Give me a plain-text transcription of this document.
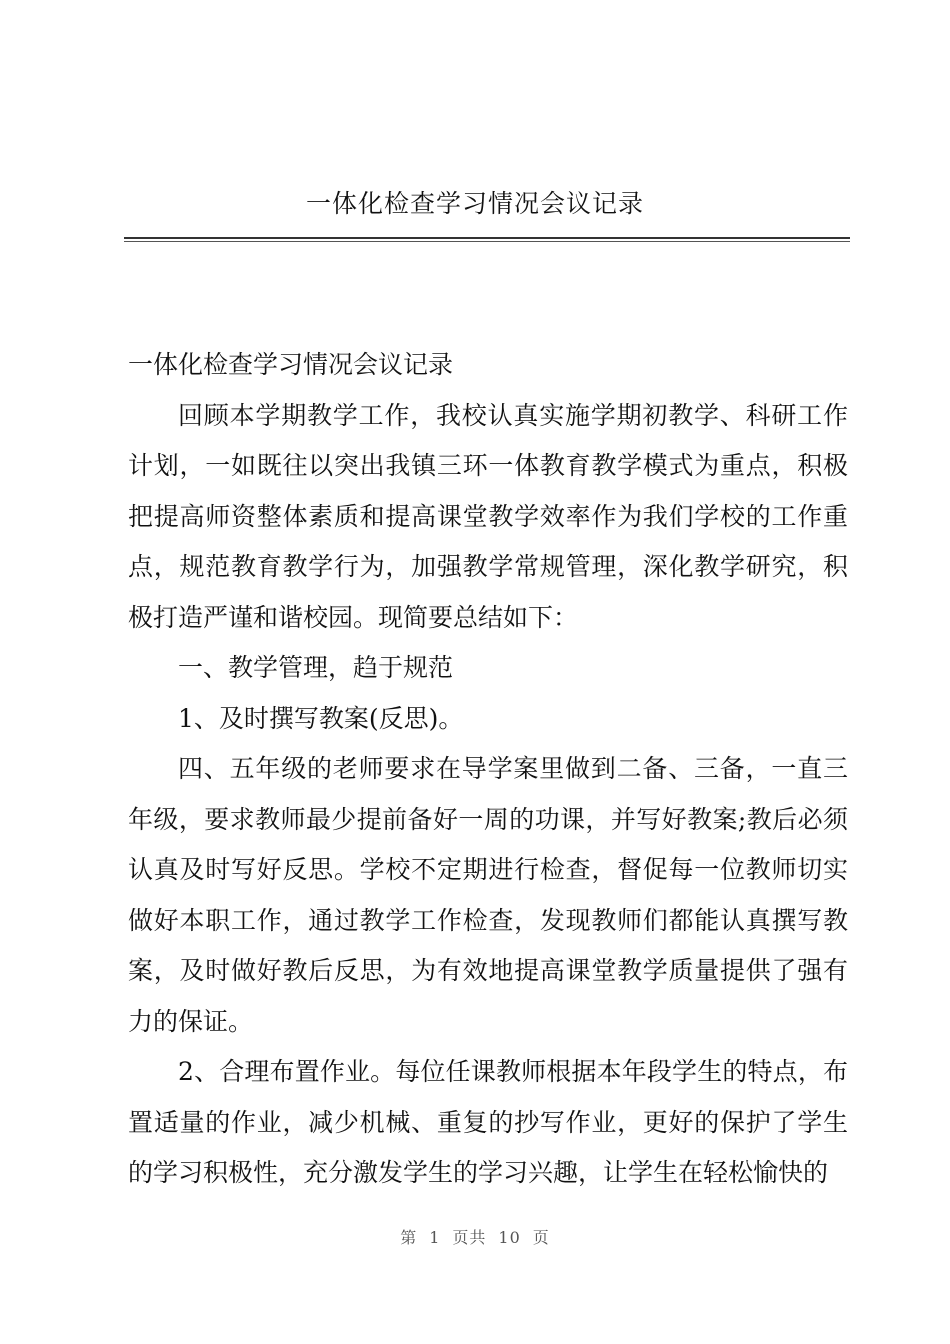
一体化检查学习情况会议记录

一体化检查学习情况会议记录

回顾本学期教学工作，我校认真实施学期初教学、科研工作计划，一如既往以突出我镇三环一体教育教学模式为重点，积极把提高师资整体素质和提高课堂教学效率作为我们学校的工作重点，规范教育教学行为，加强教学常规管理，深化教学研究，积极打造严谨和谐校园。现简要总结如下：

一、教学管理，趋于规范

1、及时撰写教案(反思)。

四、五年级的老师要求在导学案里做到二备、三备，一直三年级，要求教师最少提前备好一周的功课，并写好教案;教后必须认真及时写好反思。学校不定期进行检查，督促每一位教师切实做好本职工作，通过教学工作检查，发现教师们都能认真撰写教案，及时做好教后反思，为有效地提高课堂教学质量提供了强有力的保证。

2、合理布置作业。每位任课教师根据本年段学生的特点，布置适量的作业，减少机械、重复的抄写作业，更好的保护了学生的学习积极性，充分激发学生的学习兴趣，让学生在轻松愉快的

第 1 页共 10 页
